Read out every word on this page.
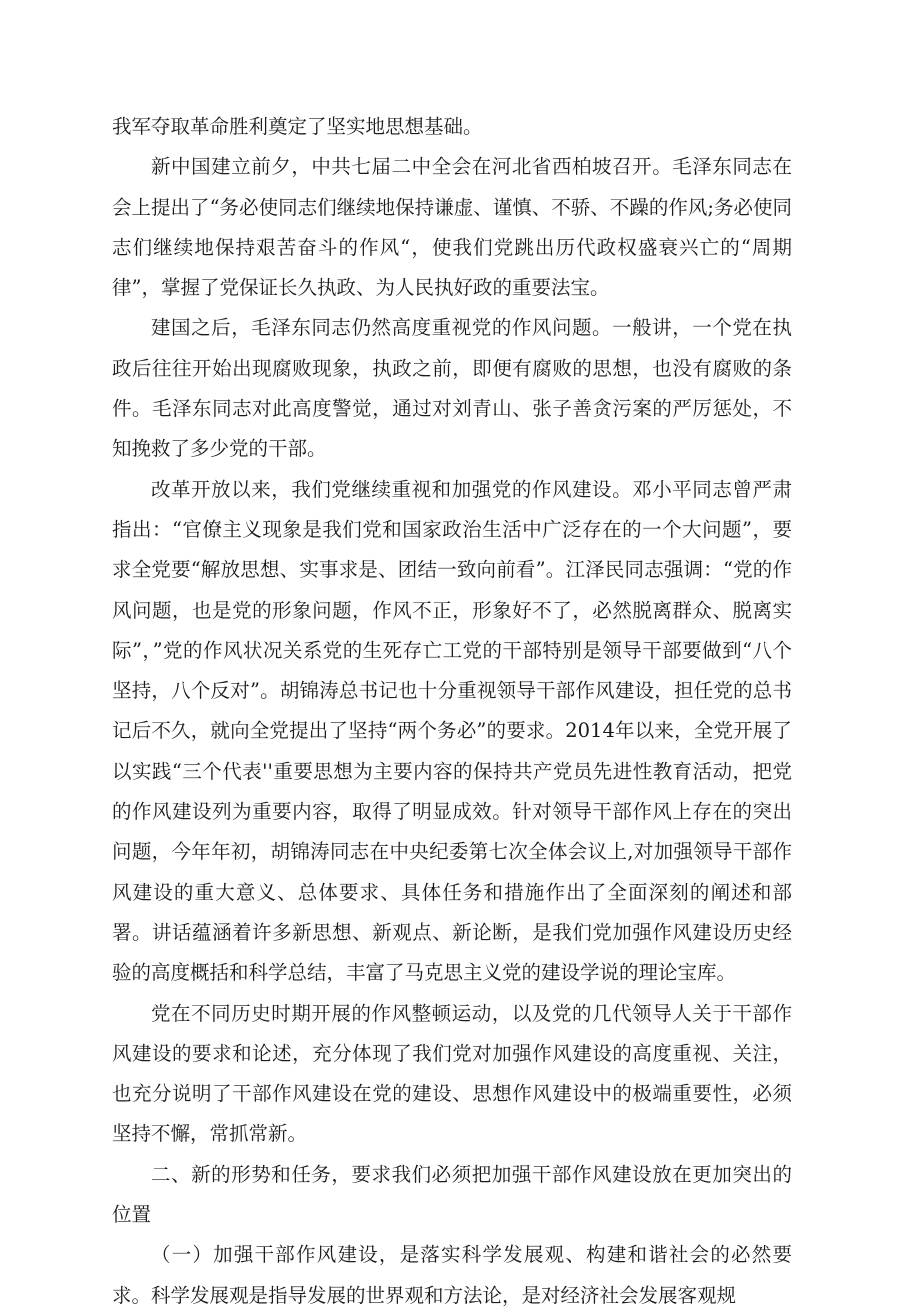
我军夺取革命胜利奠定了坚实地思想基础。

新中国建立前夕，中共七届二中全会在河北省西柏坡召开。毛泽东同志在会上提出了“务必使同志们继续地保持谦虚、谨慎、不骄、不躁的作风;务必使同志们继续地保持艰苦奋斗的作风“，使我们党跳出历代政权盛衰兴亡的“周期律”，掌握了党保证长久执政、为人民执好政的重要法宝。

建国之后，毛泽东同志仍然高度重视党的作风问题。一般讲，一个党在执政后往往开始出现腐败现象，执政之前，即便有腐败的思想，也没有腐败的条件。毛泽东同志对此高度警觉，通过对刘青山、张子善贪污案的严厉惩处，不知挽救了多少党的干部。

改革开放以来，我们党继续重视和加强党的作风建设。邓小平同志曾严肃指出：“官僚主义现象是我们党和国家政治生活中广泛存在的一个大问题”，要求全党要“解放思想、实事求是、团结一致向前看”。江泽民同志强调：“党的作风问题，也是党的形象问题，作风不正，形象好不了，必然脱离群众、脱离实际”，”党的作风状况关系党的生死存亡工党的干部特别是领导干部要做到“八个坚持，八个反对”。胡锦涛总书记也十分重视领导干部作风建设，担任党的总书记后不久，就向全党提出了坚持“两个务必”的要求。2014年以来，全党开展了以实践“三个代表''重要思想为主要内容的保持共产党员先进性教育活动，把党的作风建设列为重要内容，取得了明显成效。针对领导干部作风上存在的突出问题，今年年初，胡锦涛同志在中央纪委第七次全体会议上,对加强领导干部作风建设的重大意义、总体要求、具体任务和措施作出了全面深刻的阐述和部署。讲话蕴涵着许多新思想、新观点、新论断，是我们党加强作风建设历史经验的高度概括和科学总结，丰富了马克思主义党的建设学说的理论宝库。

党在不同历史时期开展的作风整顿运动，以及党的几代领导人关于干部作风建设的要求和论述，充分体现了我们党对加强作风建设的高度重视、关注，也充分说明了干部作风建设在党的建设、思想作风建设中的极端重要性，必须坚持不懈，常抓常新。

二、新的形势和任务，要求我们必须把加强干部作风建设放在更加突出的位置

（一）加强干部作风建设，是落实科学发展观、构建和谐社会的必然要求。科学发展观是指导发展的世界观和方法论，是对经济社会发展客观规
